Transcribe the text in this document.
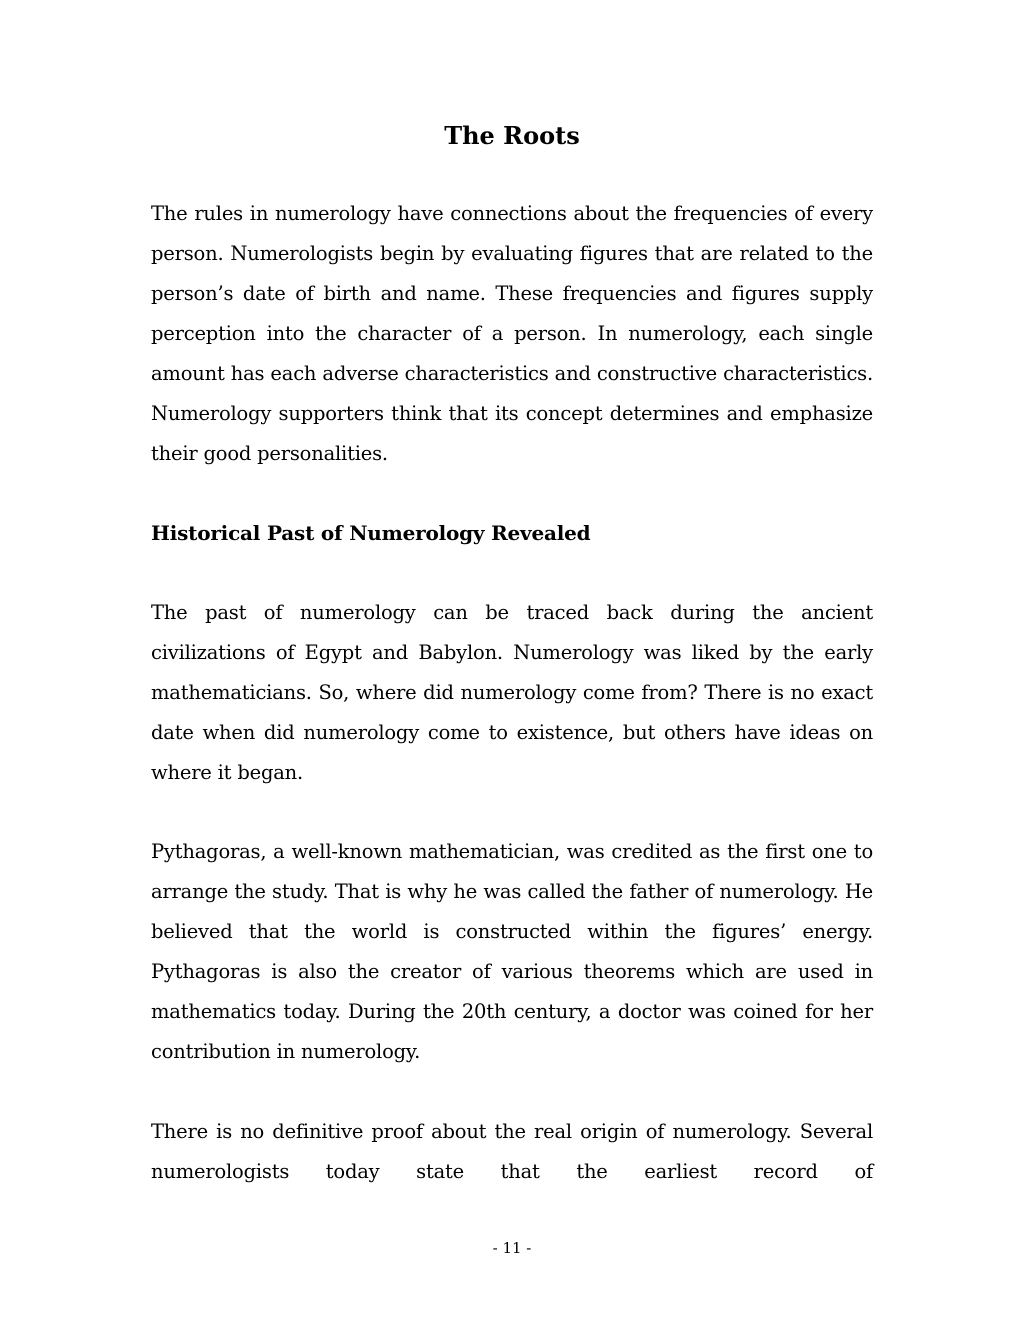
The Roots

The rules in numerology have connections about the frequencies of every person. Numerologists begin by evaluating figures that are related to the person’s date of birth and name. These frequencies and figures supply perception into the character of a person. In numerology, each single amount has each adverse characteristics and constructive characteristics. Numerology supporters think that its concept determines and emphasize their good personalities.

Historical Past of Numerology Revealed

The past of numerology can be traced back during the ancient civilizations of Egypt and Babylon. Numerology was liked by the early mathematicians. So, where did numerology come from? There is no exact date when did numerology come to existence, but others have ideas on where it began.

Pythagoras, a well-known mathematician, was credited as the first one to arrange the study. That is why he was called the father of numerology. He believed that the world is constructed within the figures’ energy. Pythagoras is also the creator of various theorems which are used in mathematics today. During the 20th century, a doctor was coined for her contribution in numerology.

There is no definitive proof about the real origin of numerology. Several numerologists today state that the earliest record of

- 11 -
